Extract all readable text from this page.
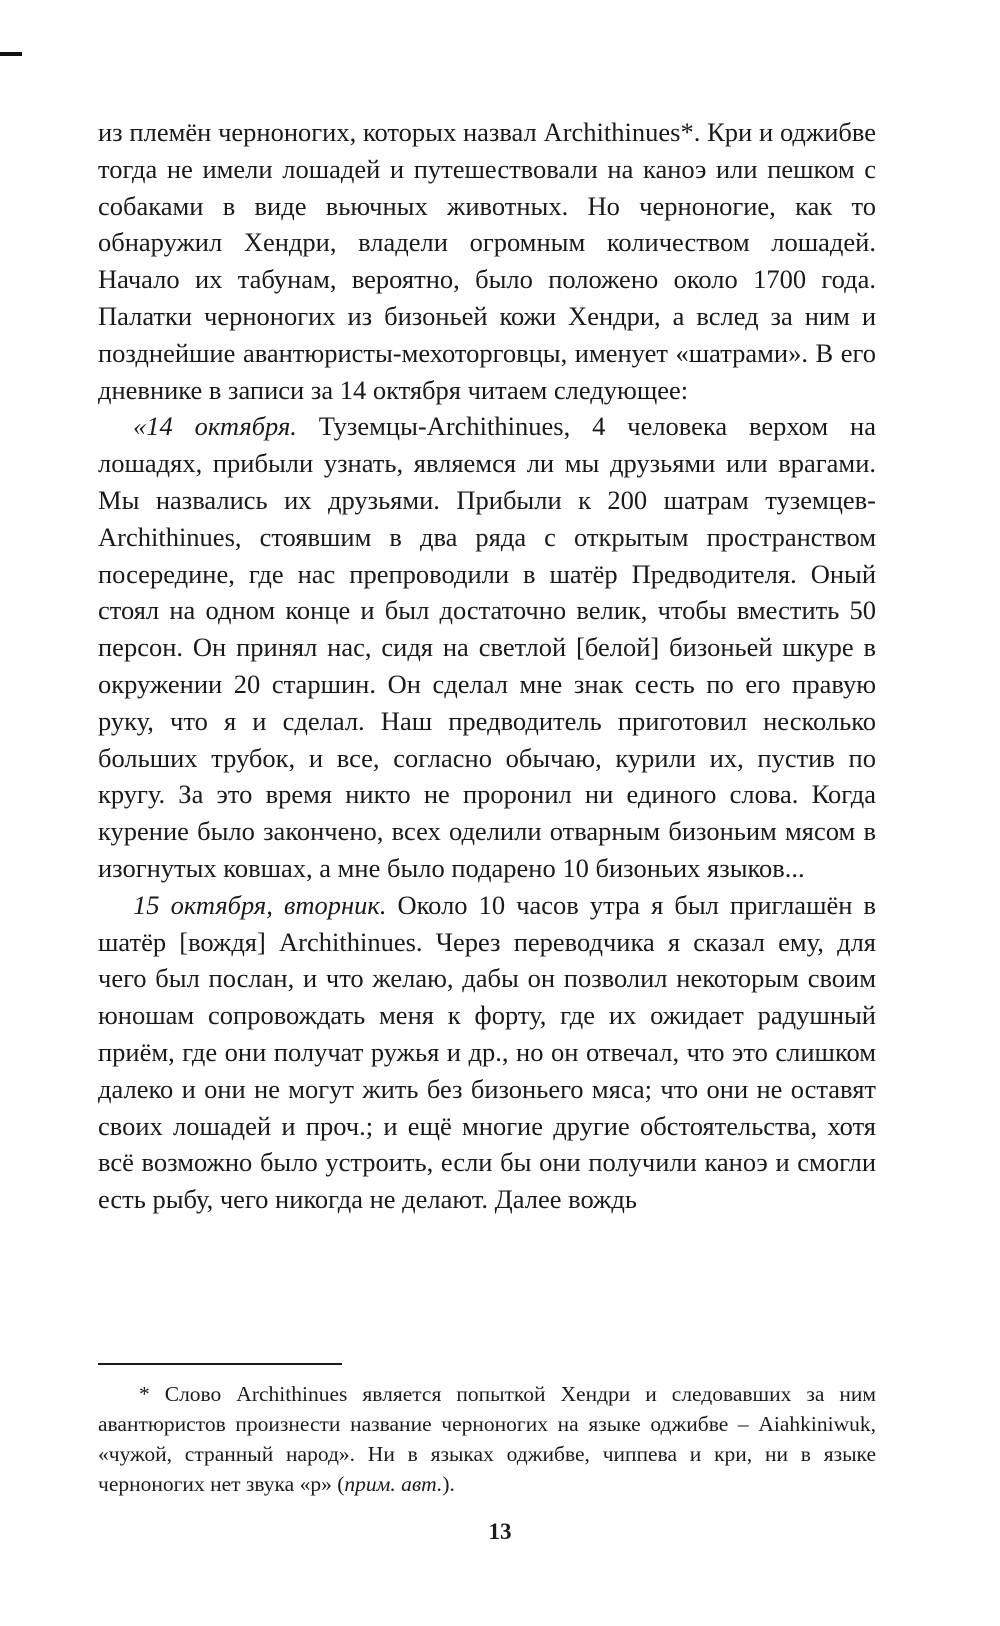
из племён черноногих, которых назвал Archithinues*. Кри и оджибве тогда не имели лошадей и путешествовали на каноэ или пешком с собаками в виде вьючных животных. Но черноногие, как то обнаружил Хендри, владели огромным количеством лошадей. Начало их табунам, вероятно, было положено около 1700 года. Палатки черноногих из бизоньей кожи Хендри, а вслед за ним и позднейшие авантюристы-мехоторговцы, именует «шатрами». В его дневнике в записи за 14 октября читаем следующее:

«14 октября. Туземцы-Archithinues, 4 человека верхом на лошадях, прибыли узнать, являемся ли мы друзьями или врагами. Мы назвались их друзьями. Прибыли к 200 шатрам туземцев-Archithinues, стоявшим в два ряда с открытым пространством посередине, где нас препроводили в шатёр Предводителя. Оный стоял на одном конце и был достаточно велик, чтобы вместить 50 персон. Он принял нас, сидя на светлой [белой] бизоньей шкуре в окружении 20 старшин. Он сделал мне знак сесть по его правую руку, что я и сделал. Наш предводитель приготовил несколько больших трубок, и все, согласно обычаю, курили их, пустив по кругу. За это время никто не проронил ни единого слова. Когда курение было закончено, всех оделили отварным бизоньим мясом в изогнутых ковшах, а мне было подарено 10 бизоньих языков...

15 октября, вторник. Около 10 часов утра я был приглашён в шатёр [вождя] Archithinues. Через переводчика я сказал ему, для чего был послан, и что желаю, дабы он позволил некоторым своим юношам сопровождать меня к форту, где их ожидает радушный приём, где они получат ружья и др., но он отвечал, что это слишком далеко и они не могут жить без бизоньего мяса; что они не оставят своих лошадей и проч.; и ещё многие другие обстоятельства, хотя всё возможно было устроить, если бы они получили каноэ и смогли есть рыбу, чего никогда не делают. Далее вождь

* Слово Archithinues является попыткой Хендри и следовавших за ним авантюристов произнести название черноногих на языке оджибве – Aiahkiniwuk, «чужой, странный народ». Ни в языках оджибве, чиппева и кри, ни в языке черноногих нет звука «р» (прим. авт.).
13
